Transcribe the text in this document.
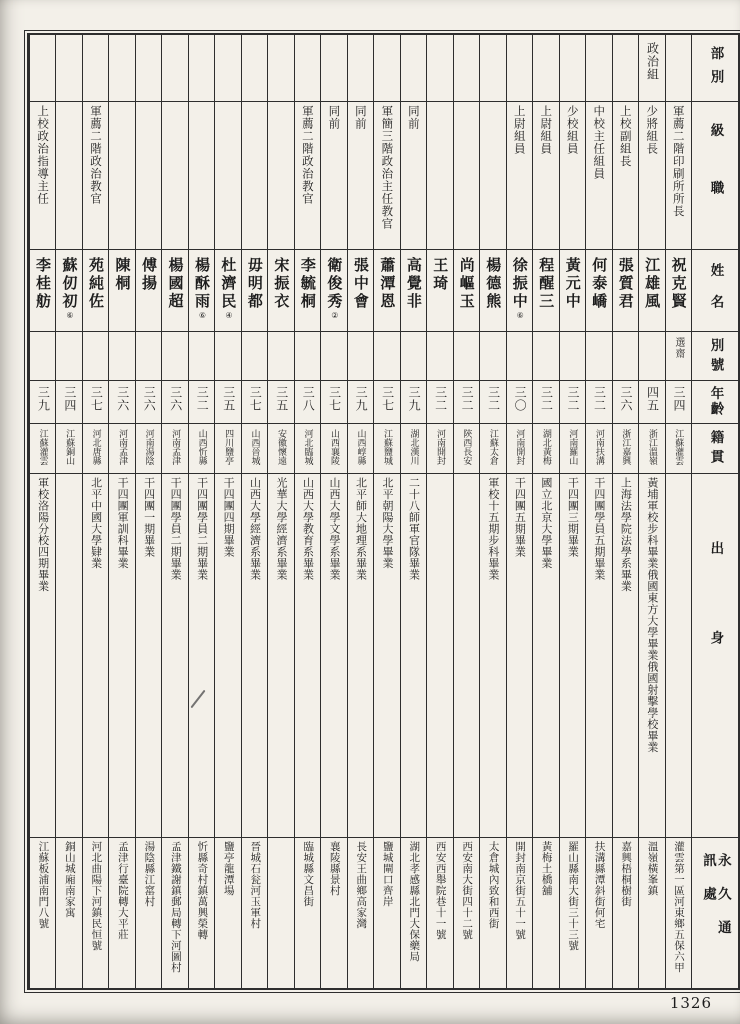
部別
級職
姓名
別號
年齡
籍貫
出身
永久通訊處
軍薦二階印刷所所長
祝克賢
選齋
三四
江蘇灌雲
灌雲第一區河東鄉五保六甲
政治組
少將組長
江雄風
四五
浙江溫嶺
黃埔軍校步科畢業俄國東方大學畢業俄國射擊學校畢業
溫嶺橫峯鎮
上校副組長
張質君
三六
浙江嘉興
上海法學院法學系畢業
嘉興梧桐樹街
中校主任組員
何泰嶠
三二
河南扶溝
干四團學員五期畢業
扶溝縣潭斜街何宅
少校組員
黃元中
三二
河南羅山
干四團三期畢業
羅山縣南大街三十三號
上尉組員
程醒三
三二
湖北黃梅
國立北京大學畢業
黃梅土橋舖
上尉組員
徐振中⑥
三〇
河南開封
干四團五期畢業
開封南京街五十一號
楊德熊
三二
江蘇太倉
軍校十五期步科畢業
太倉城內致和西街
尚嶇玉
三二
陝西長安
西安南大街四十二號
王琦
三二
河南開封
西安西舉院巷十一號
同前
高覺非
三九
湖北漢川
二十八師軍官隊畢業
湖北孝感縣北門大保藥局
軍簡三階政治主任教官
蕭潭恩
三七
江蘇鹽城
北平朝陽大學畢業
鹽城閘口齊岸
同前
張中會
三九
山西崞縣
北平師大地理系畢業
長安王曲鄉高家灣
同前
衛俊秀②
三七
山西襄陵
山西大學文學系畢業
襄陵縣景村
軍薦二階政治教官
李毓桐
三八
河北臨城
山西大學教育系畢業
臨城縣文昌街
宋振衣
三五
安徽懷遠
光華大學經濟系畢業
毋明都
三七
山西晉城
山西大學經濟系畢業
晉城石瓮河玉軍村
杜濟民④
三五
四川鹽亭
干四團四期畢業
鹽亭龍潭場
楊酥雨⑥
三二
山西忻縣
干四團學員二期畢業
忻縣奇村鎮萬興榮轉
楊國超
三六
河南孟津
干四團學員二期畢業
孟津鐵謝鎮郵局轉下河圖村
傅揚
三六
河南湯陰
干四團一期畢業
湯陰縣江窰村
陳桐
三六
河南孟津
干四團軍訓科畢業
孟津行臺院轉大平莊
軍薦二階政治教官
苑純佐
三七
河北唐縣
北平中國大學肄業
河北曲陽下河鎮民恒號
蘇仞初⑥
三四
江蘇銅山
銅山城廂南家寓
上校政治指導主任
李桂舫
三九
江蘇灌雲
軍校洛陽分校四期畢業
江蘇板浦南門八號
1326
